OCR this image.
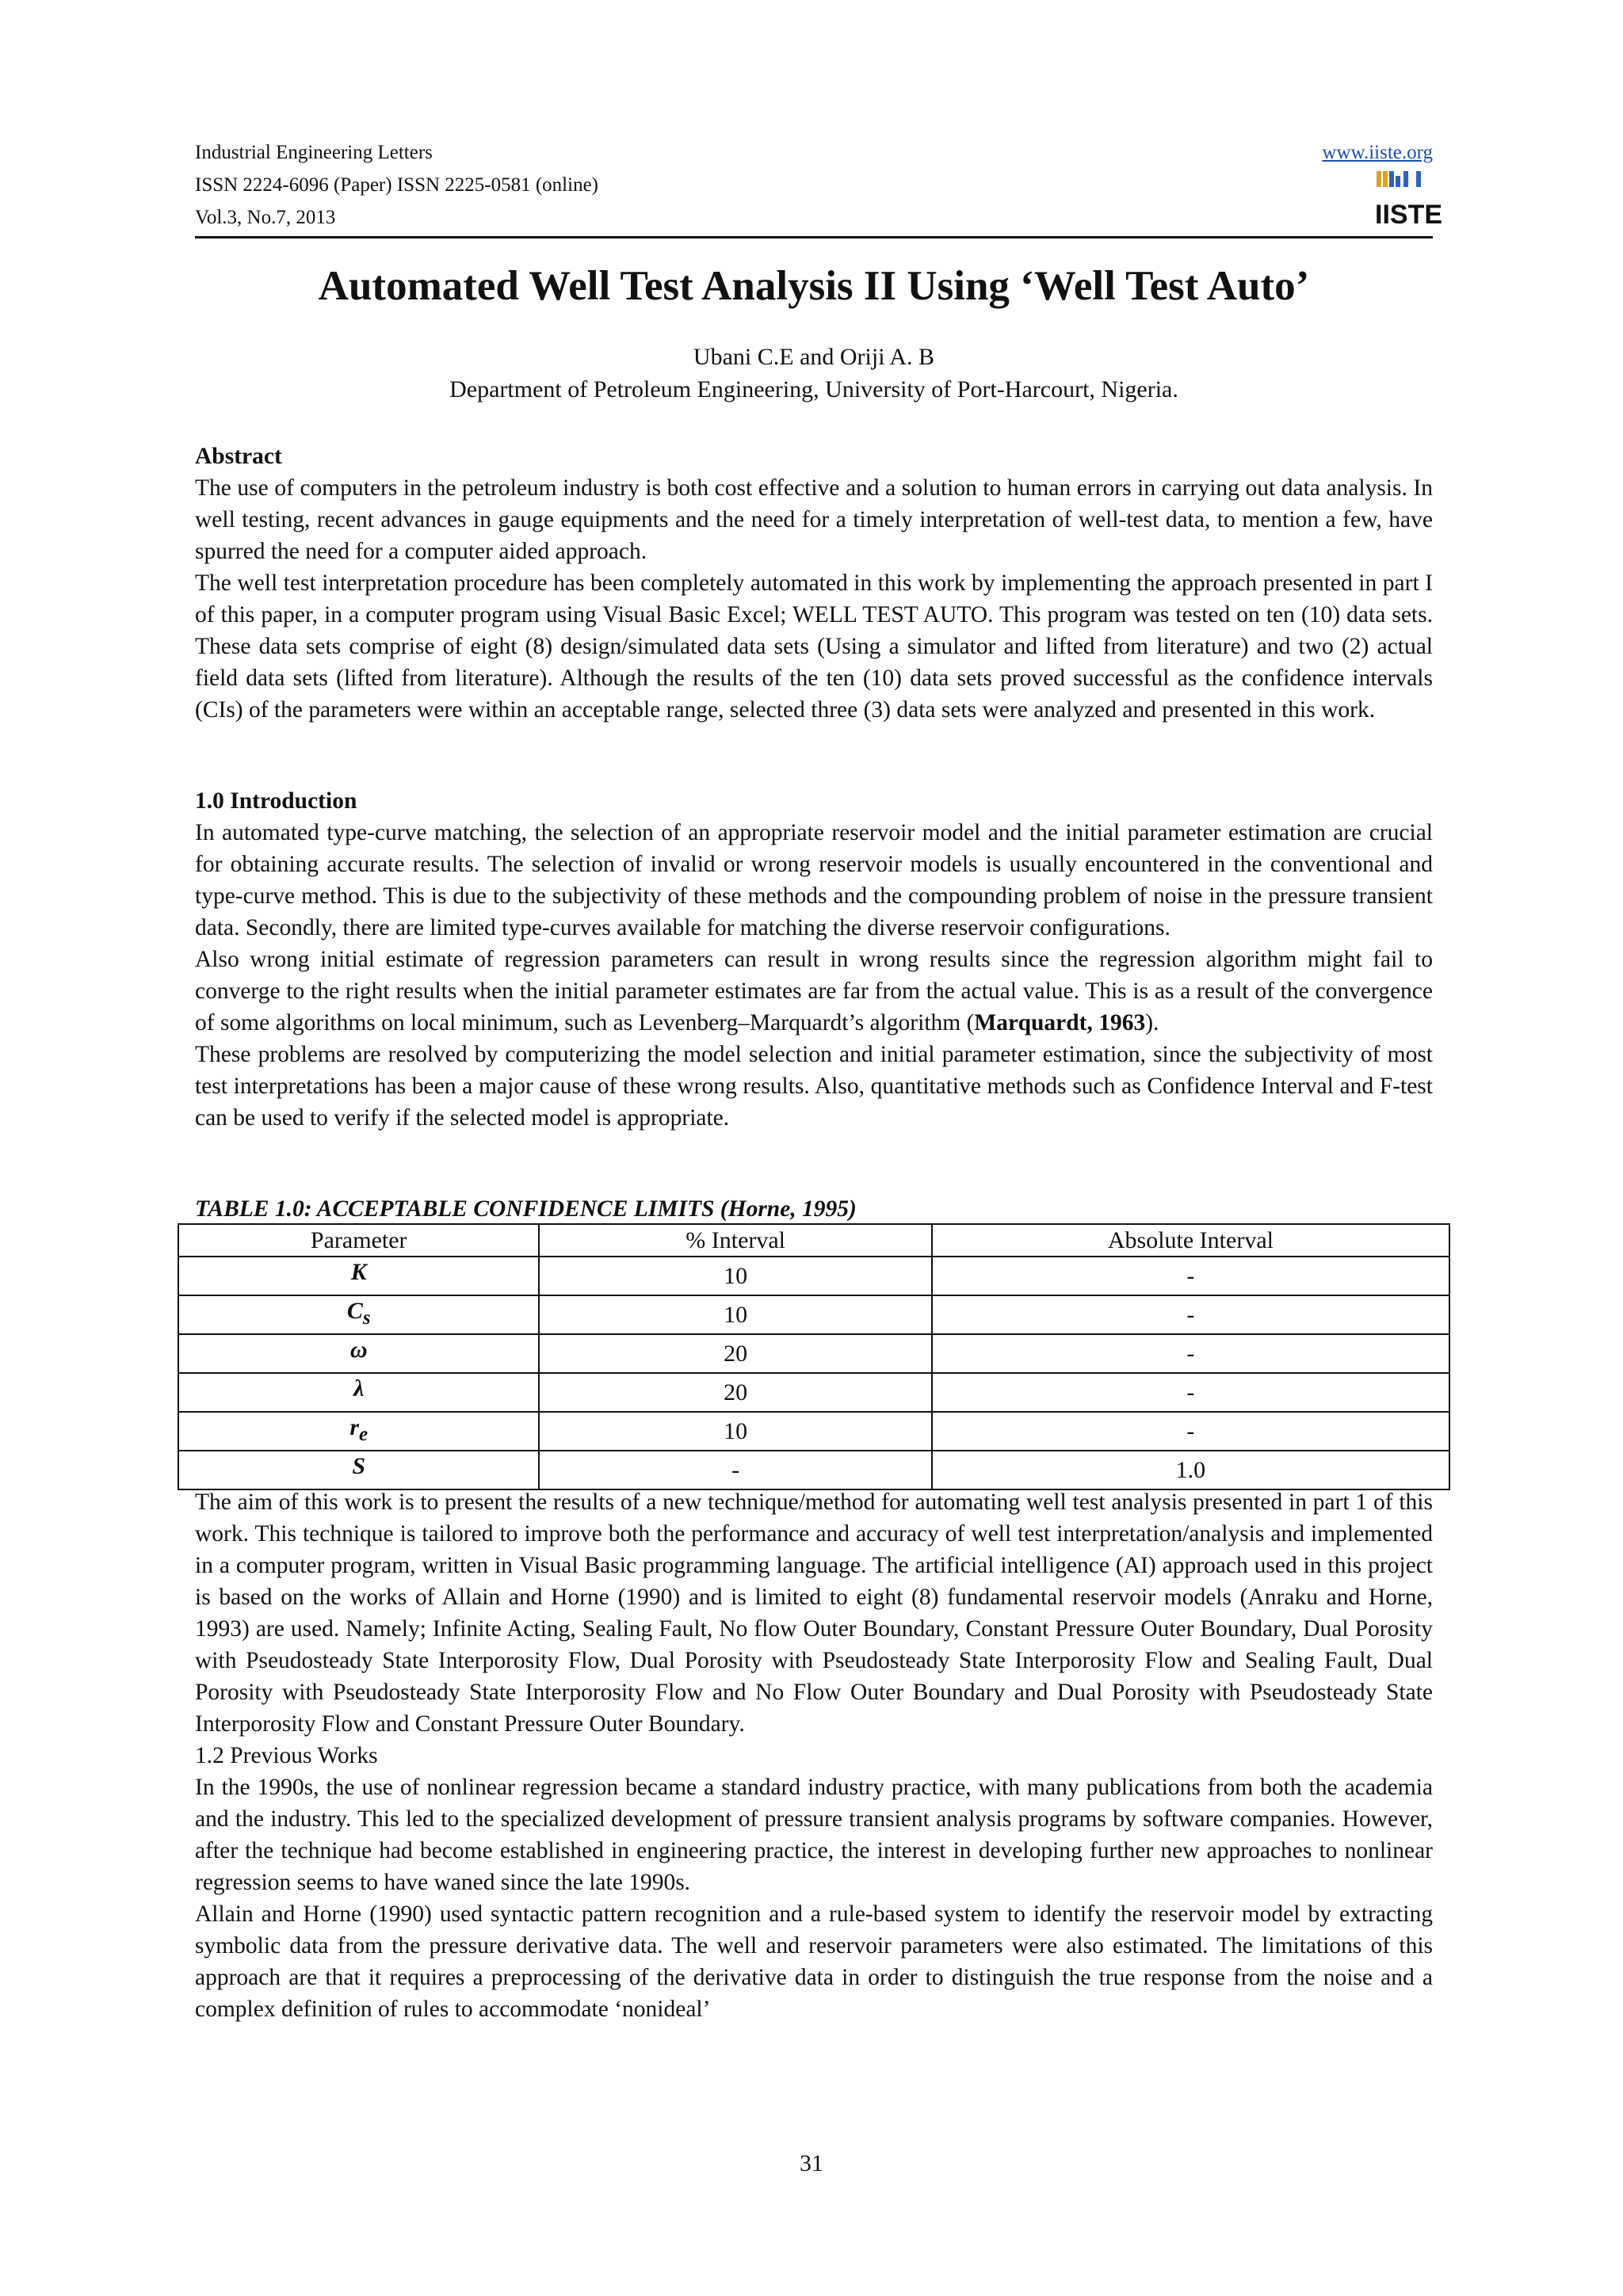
Industrial Engineering Letters
ISSN 2224-6096 (Paper) ISSN 2225-0581 (online)
Vol.3, No.7, 2013
www.iiste.org
IISTE
Automated Well Test Analysis II Using ‘Well Test Auto’
Ubani C.E and Oriji A. B
Department of Petroleum Engineering, University of Port-Harcourt, Nigeria.
Abstract

The use of computers in the petroleum industry is both cost effective and a solution to human errors in carrying out data analysis. In well testing, recent advances in gauge equipments and the need for a timely interpretation of well-test data, to mention a few, have spurred the need for a computer aided approach.

The well test interpretation procedure has been completely automated in this work by implementing the approach presented in part I of this paper, in a computer program using Visual Basic Excel; WELL TEST AUTO. This program was tested on ten (10) data sets. These data sets comprise of eight (8) design/simulated data sets (Using a simulator and lifted from literature) and two (2) actual field data sets (lifted from literature). Although the results of the ten (10) data sets proved successful as the confidence intervals (CIs) of the parameters were within an acceptable range, selected three (3) data sets were analyzed and presented in this work.

1.0 Introduction

In automated type-curve matching, the selection of an appropriate reservoir model and the initial parameter estimation are crucial for obtaining accurate results. The selection of invalid or wrong reservoir models is usually encountered in the conventional and type-curve method. This is due to the subjectivity of these methods and the compounding problem of noise in the pressure transient data. Secondly, there are limited type-curves available for matching the diverse reservoir configurations.

Also wrong initial estimate of regression parameters can result in wrong results since the regression algorithm might fail to converge to the right results when the initial parameter estimates are far from the actual value. This is as a result of the convergence of some algorithms on local minimum, such as Levenberg–Marquardt’s algorithm (Marquardt, 1963).

These problems are resolved by computerizing the model selection and initial parameter estimation, since the subjectivity of most test interpretations has been a major cause of these wrong results. Also, quantitative methods such as Confidence Interval and F-test can be used to verify if the selected model is appropriate.

TABLE 1.0: ACCEPTABLE CONFIDENCE LIMITS (Horne, 1995)
Parameter	% Interval	Absolute Interval
K	10	-
$C_s$	10	-
ω	20	-
λ	20	-
$r_e$	10	-
S	-	1.0

The aim of this work is to present the results of a new technique/method for automating well test analysis presented in part 1 of this work. This technique is tailored to improve both the performance and accuracy of well test interpretation/analysis and implemented in a computer program, written in Visual Basic programming language. The artificial intelligence (AI) approach used in this project is based on the works of Allain and Horne (1990) and is limited to eight (8) fundamental reservoir models (Anraku and Horne, 1993) are used. Namely; Infinite Acting, Sealing Fault, No flow Outer Boundary, Constant Pressure Outer Boundary, Dual Porosity with Pseudosteady State Interporosity Flow, Dual Porosity with Pseudosteady State Interporosity Flow and Sealing Fault, Dual Porosity with Pseudosteady State Interporosity Flow and No Flow Outer Boundary and Dual Porosity with Pseudosteady State Interporosity Flow and Constant Pressure Outer Boundary.

1.2 Previous Works

In the 1990s, the use of nonlinear regression became a standard industry practice, with many publications from both the academia and the industry. This led to the specialized development of pressure transient analysis programs by software companies. However, after the technique had become established in engineering practice, the interest in developing further new approaches to nonlinear regression seems to have waned since the late 1990s.

Allain and Horne (1990) used syntactic pattern recognition and a rule-based system to identify the reservoir model by extracting symbolic data from the pressure derivative data. The well and reservoir parameters were also estimated. The limitations of this approach are that it requires a preprocessing of the derivative data in order to distinguish the true response from the noise and a complex definition of rules to accommodate ‘nonideal’

31
